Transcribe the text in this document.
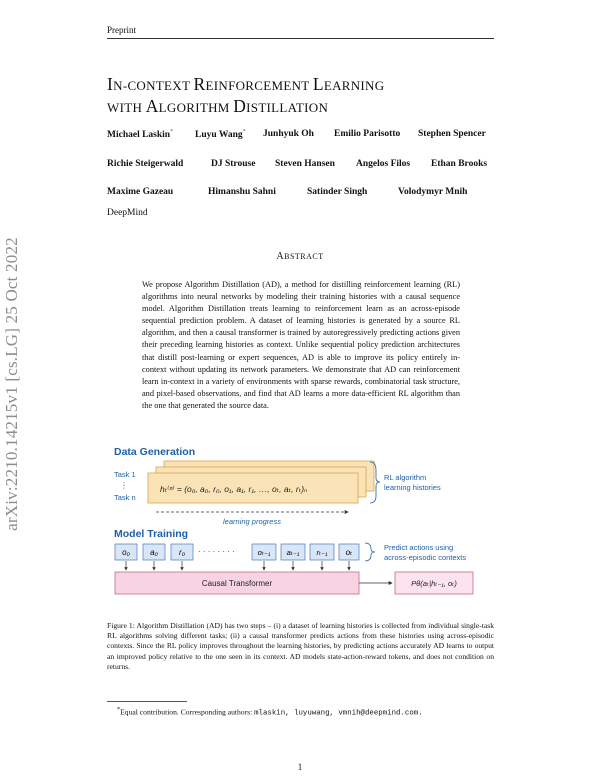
Preprint
IN-CONTEXT REINFORCEMENT LEARNING
WITH ALGORITHM DISTILLATION
Michael Laskin* Luyu Wang* Junhyuk Oh Emilio Parisotto Stephen Spencer
Richie Steigerwald	DJ Strouse Steven Hansen Angelos Filos Ethan Brooks
Maxime Gazeau	Himanshu Sahni	Satinder Singh	Volodymyr Mnih
DeepMind
ABSTRACT
We propose Algorithm Distillation (AD), a method for distilling reinforcement learning (RL) algorithms into neural networks by modeling their training histories with a causal sequence model. Algorithm Distillation treats learning to reinforcement learn as an across-episode sequential prediction problem. A dataset of learning histories is generated by a source RL algorithm, and then a causal transformer is trained by autoregressively predicting actions given their preceding learning histories as context. Unlike sequential policy prediction architectures that distill post-learning or expert sequences, AD is able to improve its policy entirely in-context without updating its network parameters. We demonstrate that AD can reinforcement learn in-context in a variety of environments with sparse rewards, combinatorial task structure, and pixel-based observations, and find that AD learns a more data-efficient RL algorithm than the one that generated the source data.
arXiv:2210.14215v1 [cs.LG] 25 Oct 2022	Data Generation
Task 1
⋮
Task n
hₜ⁽ⁿ⁾ = (o₀, a₀, r₀, o₁, a₁, r₁, …, oₜ, aₜ, rₜ)ₙ
RL algorithm
learning histories
learning progress
Model Training
o₀	a₀	r₀ · · · · · · · ·	oₜ₋₁ aₜ₋₁ rₜ₋₁ oₜ
Predict actions using
across-episodic contexts
Causal Transformer	Pθ(aₜ|hₜ₋₁, oₜ)
Figure 1: Algorithm Distillation (AD) has two steps – (i) a dataset of learning histories is collected from individual single-task RL algorithms solving different tasks; (ii) a causal transformer predicts actions from these histories using across-episodic contexts. Since the RL policy improves throughout the learning histories, by predicting actions accurately AD learns to output an improved policy relative to the one seen in its context. AD models state-action-reward tokens, and does not condition on returns.
*Equal contribution. Corresponding authors: mlaskin, luyuwang, vmnih@deepmind.com.
1
